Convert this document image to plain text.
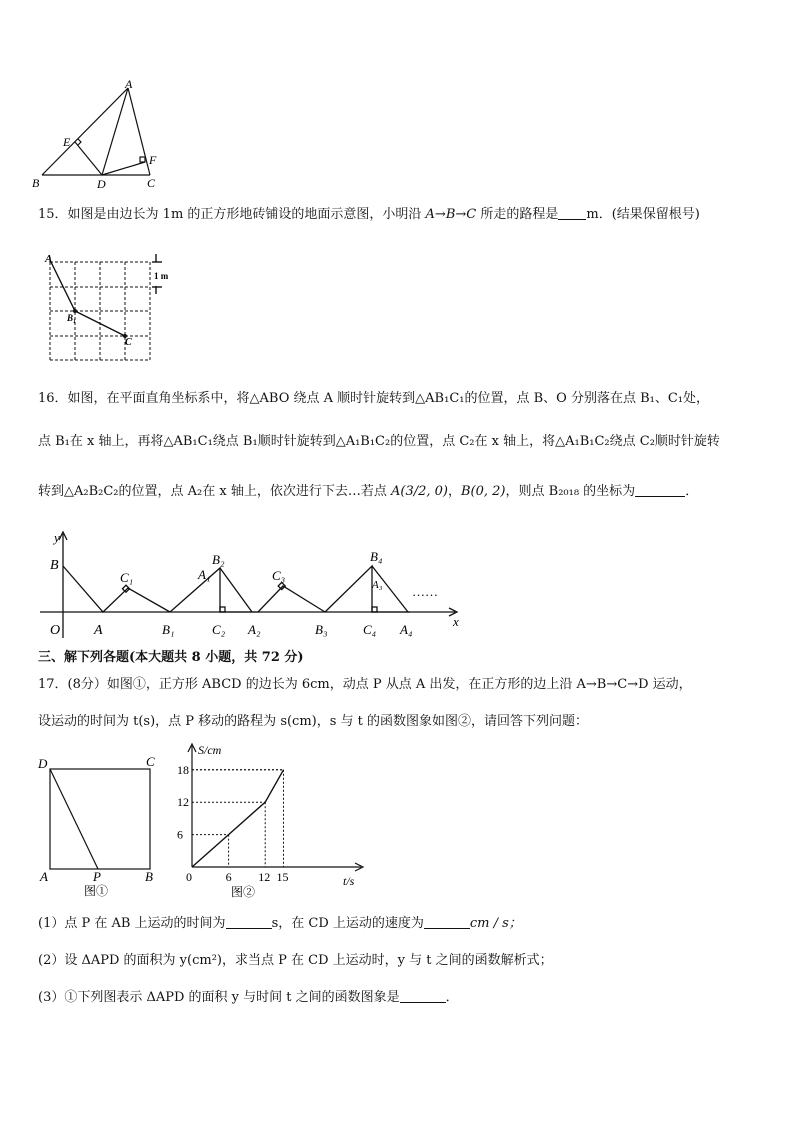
A
B	C
D
E
F
15．如图是由边长为 1m 的正方形地砖铺设的地面示意图，小明沿 A→B→C 所走的路程是 m．(结果保留根号)
A
B₁
C
1 m
16．如图，在平面直角坐标系中，将△ABO 绕点 A 顺时针旋转到△AB₁C₁的位置，点 B、O 分别落在点 B₁、C₁处，
点 B₁在 x 轴上，再将△AB₁C₁绕点 B₁顺时针旋转到△A₁B₁C₂的位置，点 C₂在 x 轴上，将△A₁B₁C₂绕点 C₂顺时针旋转
转到△A₂B₂C₂的位置，点 A₂在 x 轴上，依次进行下去…若点 A(3/2, 0)，B(0, 2)，则点 B₂₀₁₈ 的坐标为	．
y
x
O
B
A
C₁
B₁
A₁
B₂
C₂ A₂
C₃
B₃
B₄
A₃
C₄ A₄
……
三、解下列各题(本大题共 8 小题，共 72 分)
17．(8分）如图①，正方形 ABCD 的边长为 6cm，动点 P 从点 A 出发，在正方形的边上沿 A→B→C→D 运动，
设运动的时间为 t(s)，点 P 移动的路程为 s(cm)，s 与 t 的函数图象如图②，请回答下列问题：
D	C
A	B
P
图①
6
12
18
6 12 15
S/cm
t/s
0
图②
(1）点 P 在 AB 上运动的时间为	s，在 CD 上运动的速度为	cm / s；
(2）设 ΔAPD 的面积为 y(cm²)，求当点 P 在 CD 上运动时，y 与 t 之间的函数解析式；
(3）①下列图表示 ΔAPD 的面积 y 与时间 t 之间的函数图象是	．
